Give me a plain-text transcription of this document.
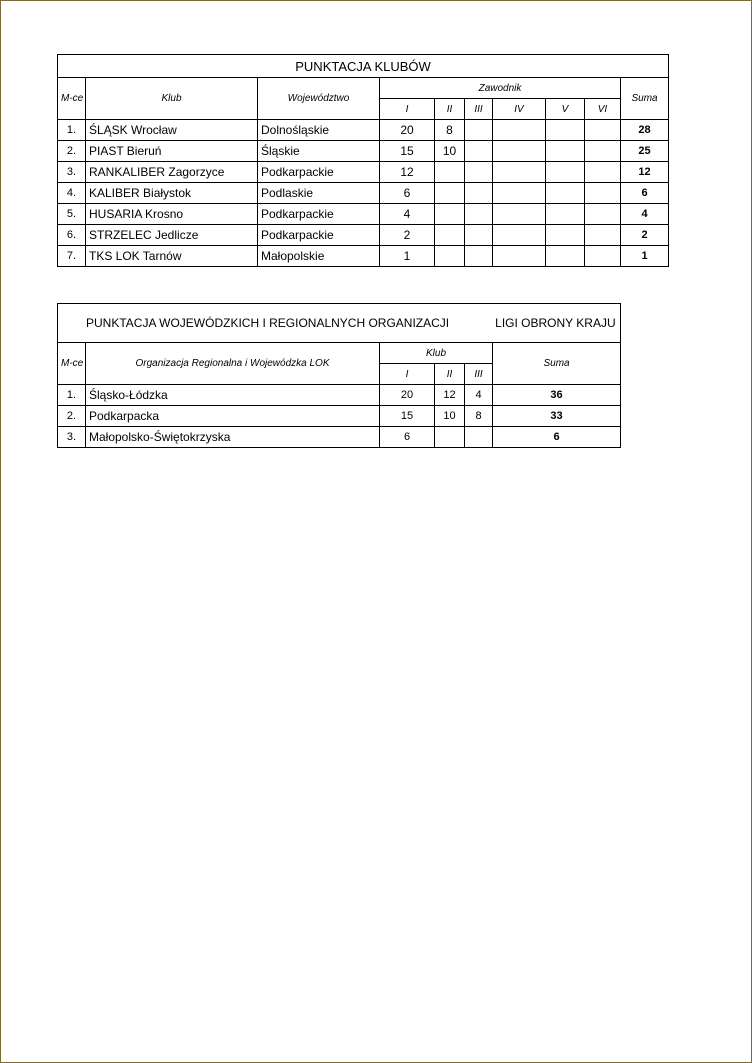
PUNKTACJA KLUBÓW									
M-ce	Klub	Województwo	Zawodnik						Suma
			I	II	III	IV	V	VI	
1.	ŚLĄSK Wrocław	Dolnośląskie	20	8					28
2.	PIAST Bieruń	Śląskie	15	10					25
3.	RANKALIBER Zagorzyce	Podkarpackie	12						12
4.	KALIBER Białystok	Podlaskie	6						6
5.	HUSARIA Krosno	Podkarpackie	4						4
6.	STRZELEC Jedlicze	Podkarpackie	2						2
7.	TKS LOK Tarnów	Małopolskie	1						1
PUNKTACJA WOJEWÓDZKICH I REGIONALNYCH ORGANIZACJI LIGI OBRONY KRAJU					
M-ce	Organizacja Regionalna i Wojewódzka LOK	Klub			Suma
		I	II	III	
1.	Śląsko-Łódzka	20	12	4	36
2.	Podkarpacka	15	10	8	33
3.	Małopolsko-Świętokrzyska	6			6
